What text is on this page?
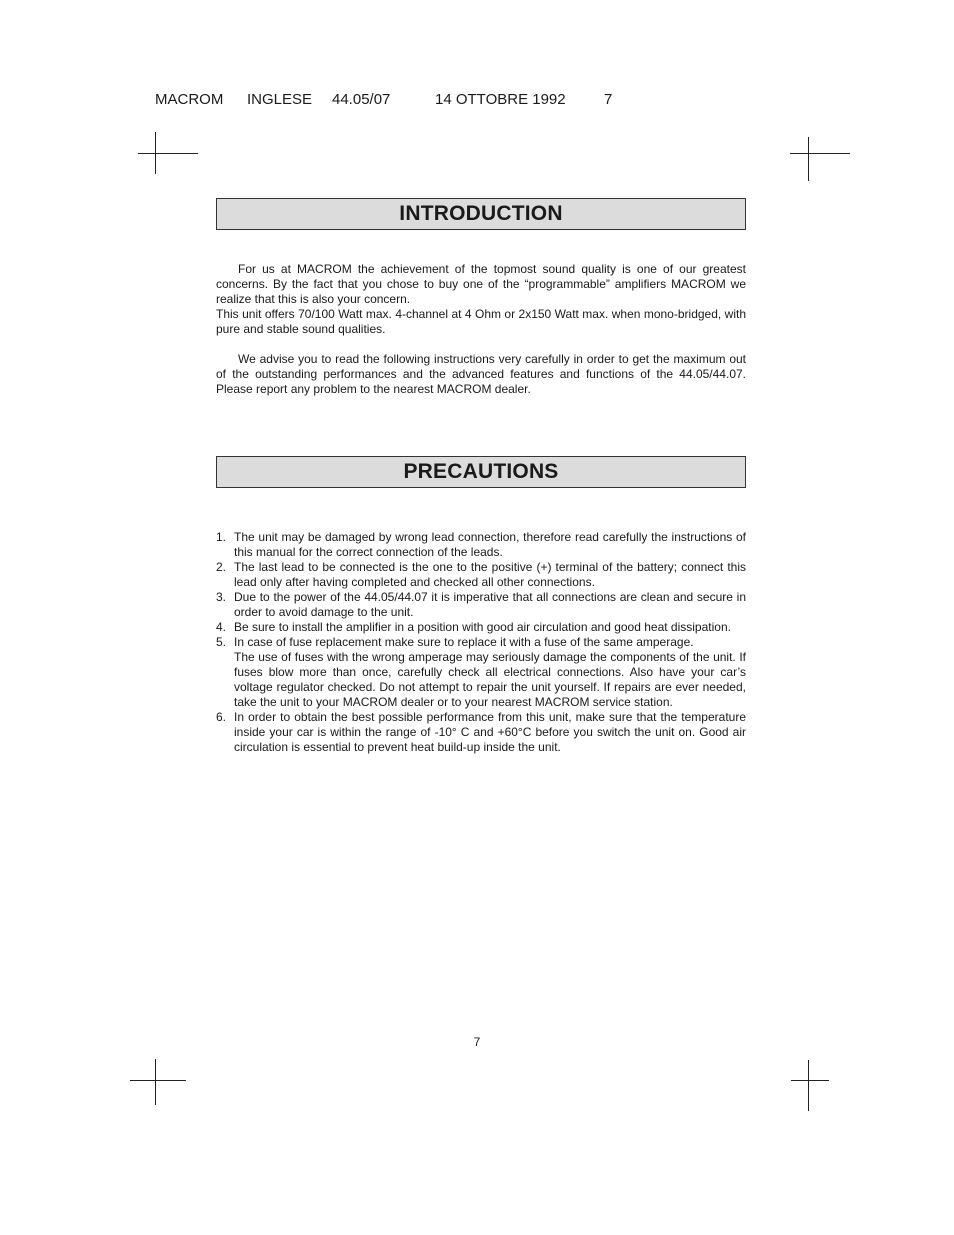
MACROM INGLESE 44.05/07	14 OTTOBRE 1992	7
INTRODUCTION

For us at MACROM the achievement of the topmost sound quality is one of our greatest concerns. By the fact that you chose to buy one of the “programmable” amplifiers MACROM we realize that this is also your concern.

This unit offers 70/100 Watt max. 4-channel at 4 Ohm or 2x150 Watt max. when mono-bridged, with pure and stable sound qualities.

We advise you to read the following instructions very carefully in order to get the maximum out of the outstanding performances and the advanced features and functions of the 44.05/44.07. Please report any problem to the nearest MACROM dealer.

PRECAUTIONS
1. The unit may be damaged by wrong lead connection, therefore read carefully the instructions of this manual for the correct connection of the leads.
2. The last lead to be connected is the one to the positive (+) terminal of the battery; connect this lead only after having completed and checked all other connections.
3. Due to the power of the 44.05/44.07 it is imperative that all connections are clean and secure in order to avoid damage to the unit.
4. Be sure to install the amplifier in a position with good air circulation and good heat dissipation.
5. In case of fuse replacement make sure to replace it with a fuse of the same amperage.
The use of fuses with the wrong amperage may seriously damage the components of the unit. If fuses blow more than once, carefully check all electrical connections. Also have your car’s voltage regulator checked. Do not attempt to repair the unit yourself. If repairs are ever needed, take the unit to your MACROM dealer or to your nearest MACROM service station.
6. In order to obtain the best possible performance from this unit, make sure that the temperature inside your car is within the range of -10° C and +60°C before you switch the unit on. Good air circulation is essential to prevent heat build-up inside the unit.
7
